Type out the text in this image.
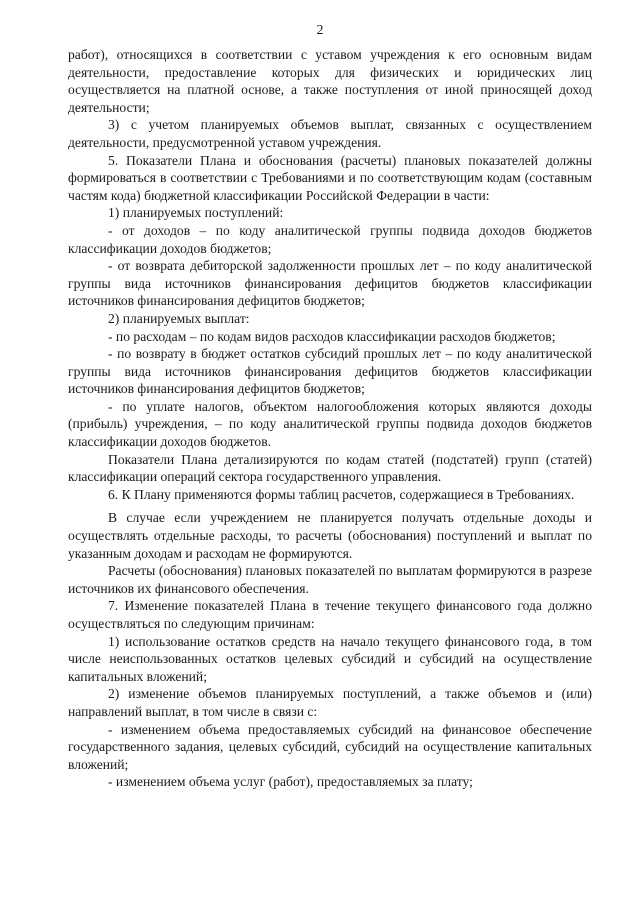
2

работ), относящихся в соответствии с уставом учреждения к его основным видам деятельности, предоставление которых для физических и юридических лиц осуществляется на платной основе, а также поступления от иной приносящей доход деятельности;

3) с учетом планируемых объемов выплат, связанных с осуществлением деятельности, предусмотренной уставом учреждения.

5. Показатели Плана и обоснования (расчеты) плановых показателей должны формироваться в соответствии с Требованиями и по соответствующим кодам (составным частям кода) бюджетной классификации Российской Федерации в части:

1) планируемых поступлений:

- от доходов – по коду аналитической группы подвида доходов бюджетов классификации доходов бюджетов;

- от возврата дебиторской задолженности прошлых лет – по коду аналитической группы вида источников финансирования дефицитов бюджетов классификации источников финансирования дефицитов бюджетов;

2) планируемых выплат:

- по расходам – по кодам видов расходов классификации расходов бюджетов;

- по возврату в бюджет остатков субсидий прошлых лет – по коду аналитической группы вида источников финансирования дефицитов бюджетов классификации источников финансирования дефицитов бюджетов;

- по уплате налогов, объектом налогообложения которых являются доходы (прибыль) учреждения, – по коду аналитической группы подвида доходов бюджетов классификации доходов бюджетов.

Показатели Плана детализируются по кодам статей (подстатей) групп (статей) классификации операций сектора государственного управления.

6. К Плану применяются формы таблиц расчетов, содержащиеся в Требованиях.

В случае если учреждением не планируется получать отдельные доходы и осуществлять отдельные расходы, то расчеты (обоснования) поступлений и выплат по указанным доходам и расходам не формируются.

Расчеты (обоснования) плановых показателей по выплатам формируются в разрезе источников их финансового обеспечения.

7. Изменение показателей Плана в течение текущего финансового года должно осуществляться по следующим причинам:

1) использование остатков средств на начало текущего финансового года, в том числе неиспользованных остатков целевых субсидий и субсидий на осуществление капитальных вложений;

2) изменение объемов планируемых поступлений, а также объемов и (или) направлений выплат, в том числе в связи с:

- изменением объема предоставляемых субсидий на финансовое обеспечение государственного задания, целевых субсидий, субсидий на осуществление капитальных вложений;

- изменением объема услуг (работ), предоставляемых за плату;
